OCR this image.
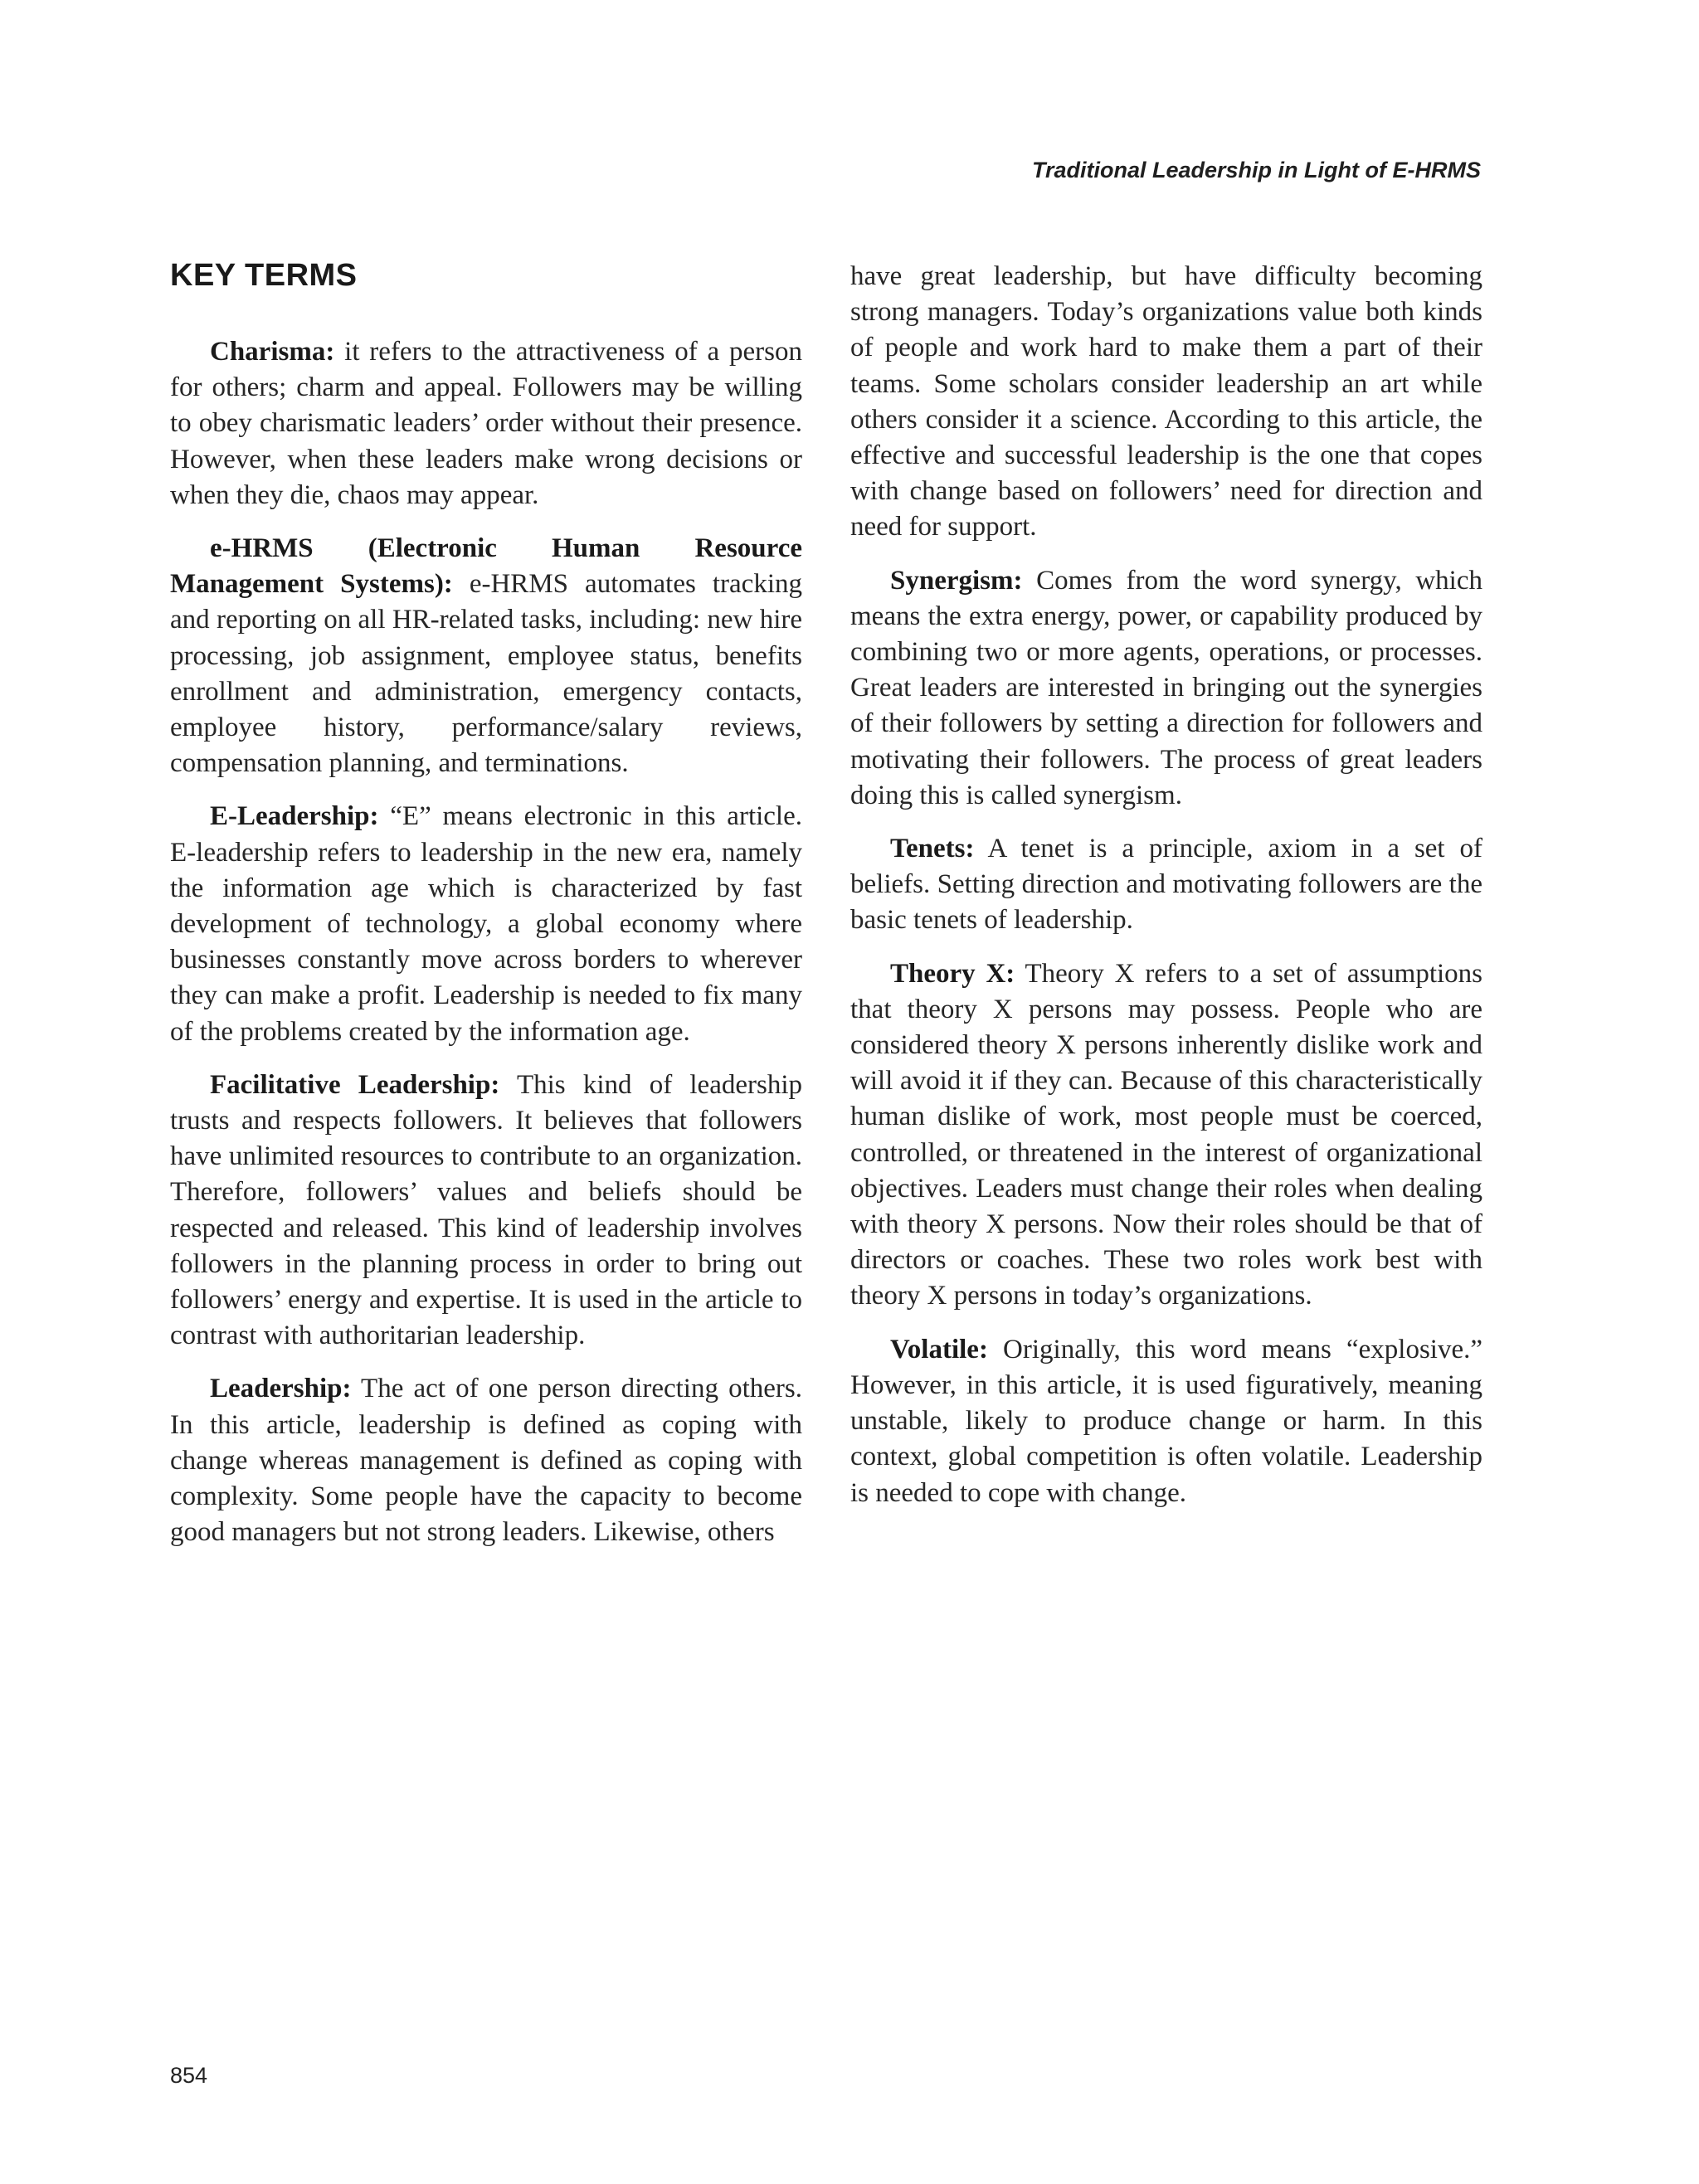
Traditional Leadership in Light of E-HRMS
KEY TERMS

Charisma: it refers to the attractiveness of a person for others; charm and appeal. Followers may be willing to obey charismatic leaders’ order without their presence. However, when these leaders make wrong decisions or when they die, chaos may appear.

e-HRMS (Electronic Human Resource Management Systems): e-HRMS automates tracking and reporting on all HR-related tasks, including: new hire processing, job assignment, employee status, benefits enrollment and administration, emergency contacts, employee history, performance/salary reviews, compensation planning, and terminations.

E-Leadership: “E” means electronic in this article. E-leadership refers to leadership in the new era, namely the information age which is characterized by fast development of technology, a global economy where businesses constantly move across borders to wherever they can make a profit. Leadership is needed to fix many of the problems created by the information age.

Facilitative Leadership: This kind of leadership trusts and respects followers. It believes that followers have unlimited resources to contribute to an organization. Therefore, followers’ values and beliefs should be respected and released. This kind of leadership involves followers in the planning process in order to bring out followers’ energy and expertise. It is used in the article to contrast with authoritarian leadership.

Leadership: The act of one person directing others. In this article, leadership is defined as coping with change whereas management is defined as coping with complexity. Some people have the capacity to become good managers but not strong leaders. Likewise, others

have great leadership, but have difficulty becoming strong managers. Today’s organizations value both kinds of people and work hard to make them a part of their teams. Some scholars consider leadership an art while others consider it a science. According to this article, the effective and successful leadership is the one that copes with change based on followers’ need for direction and need for support.

Synergism: Comes from the word synergy, which means the extra energy, power, or capability produced by combining two or more agents, operations, or processes. Great leaders are interested in bringing out the synergies of their followers by setting a direction for followers and motivating their followers. The process of great leaders doing this is called synergism.

Tenets: A tenet is a principle, axiom in a set of beliefs. Setting direction and motivating followers are the basic tenets of leadership.

Theory X: Theory X refers to a set of assumptions that theory X persons may possess. People who are considered theory X persons inherently dislike work and will avoid it if they can. Because of this characteristically human dislike of work, most people must be coerced, controlled, or threatened in the interest of organizational objectives. Leaders must change their roles when dealing with theory X persons. Now their roles should be that of directors or coaches. These two roles work best with theory X persons in today’s organizations.

Volatile: Originally, this word means “explosive.” However, in this article, it is used figuratively, meaning unstable, likely to produce change or harm. In this context, global competition is often volatile. Leadership is needed to cope with change.

854
